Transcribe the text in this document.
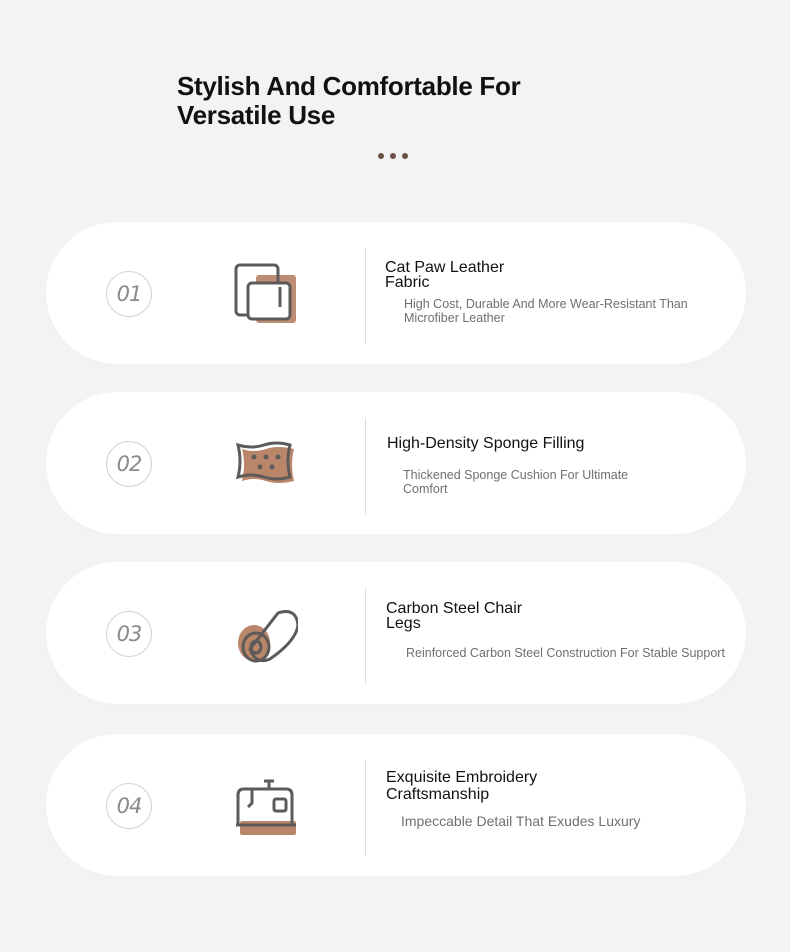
Stylish And Comfortable For Versatile Use
01
Cat Paw Leather Fabric
High Cost, Durable And More Wear-Resistant Than Microfiber Leather
02
High-Density Sponge Filling
Thickened Sponge Cushion For Ultimate Comfort
03
Carbon Steel Chair Legs
Reinforced Carbon Steel Construction For Stable Support
04
Exquisite Embroidery Craftsmanship
Impeccable Detail That Exudes Luxury
